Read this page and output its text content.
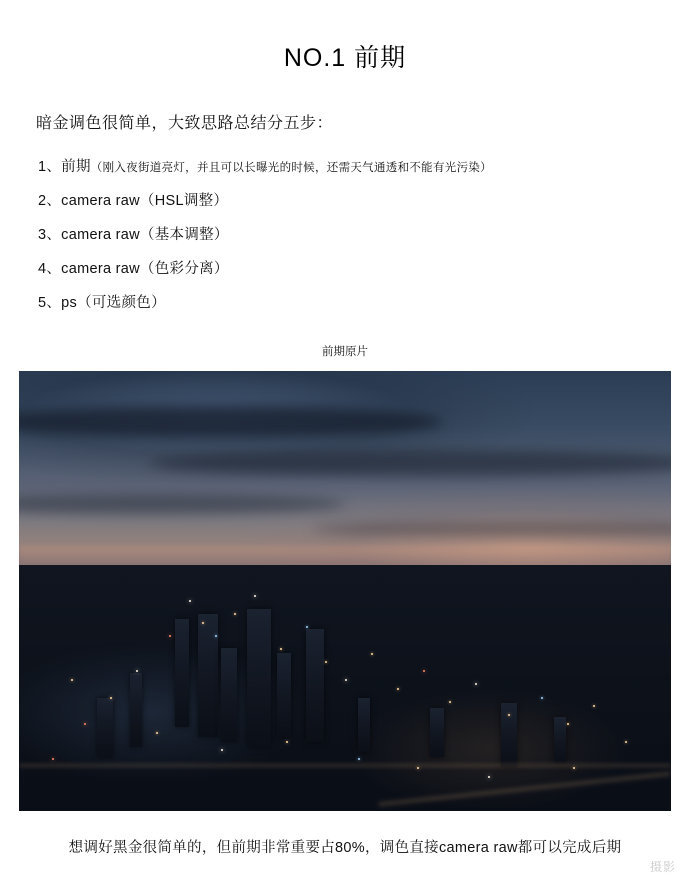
NO.1 前期

暗金调色很简单，大致思路总结分五步：

1、前期（刚入夜街道亮灯，并且可以长曝光的时候，还需天气通透和不能有光污染）
2、camera raw（HSL调整）
3、camera raw（基本调整）
4、camera raw（色彩分离）
5、ps（可选颜色）

前期原片

想调好黑金很简单的，但前期非常重要占80%，调色直接camera raw都可以完成后期
摄影
